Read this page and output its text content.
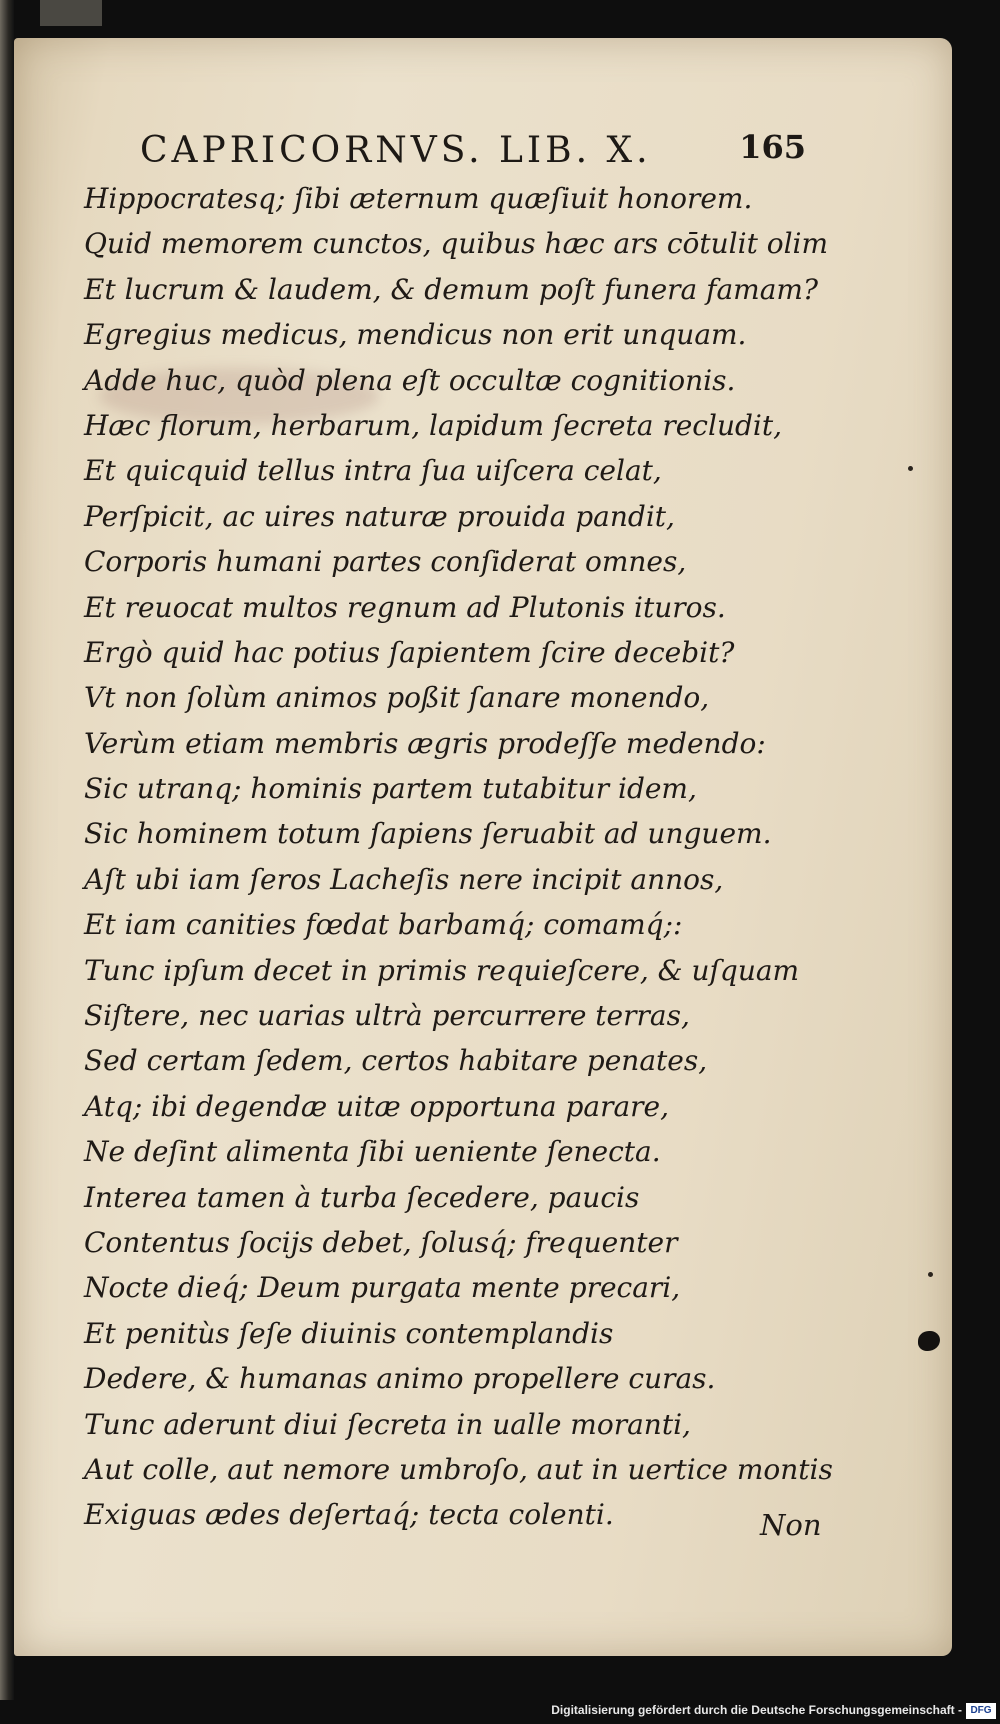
CAPRICORNVS. LIB. X.	165
Hippocratesq; ſibi æternum quæſiuit honorem.
Quid memorem cunctos, quibus hæc ars cōtulit olim
Et lucrum & laudem, & demum poſt funera famam?
Egregius medicus, mendicus non erit unquam.
Adde huc, quòd plena eſt occultæ cognitionis.
Hæc florum, herbarum, lapidum ſecreta recludit,
Et quicquid tellus intra ſua uiſcera celat,
Perſpicit, ac uires naturæ prouida pandit,
Corporis humani partes conſiderat omnes,
Et reuocat multos regnum ad Plutonis ituros.
Ergò quid hac potius ſapientem ſcire decebit?
Vt non ſolùm animos poßit ſanare monendo,
Verùm etiam membris ægris prodeſſe medendo:
Sic utranq; hominis partem tutabitur idem,
Sic hominem totum ſapiens ſeruabit ad unguem.
Aſt ubi iam ſeros Lacheſis nere incipit annos,
Et iam canities fœdat barbamq́; comamq́;:
Tunc ipſum decet in primis requieſcere, & uſquam
Siſtere, nec uarias ultrà percurrere terras,
Sed certam ſedem, certos habitare penates,
Atq; ibi degendæ uitæ opportuna parare,
Ne deſint alimenta ſibi ueniente ſenecta.
Interea tamen à turba ſecedere, paucis
Contentus ſocijs debet, ſolusq́; frequenter
Nocte dieq́; Deum purgata mente precari,
Et penitùs ſeſe diuinis contemplandis
Dedere, & humanas animo propellere curas.
Tunc aderunt diui ſecreta in ualle moranti,
Aut colle, aut nemore umbroſo, aut in uertice montis
Exiguas ædes deſertaq́; tecta colenti.	Non
Digitalisierung gefördert durch die Deutsche Forschungsgemeinschaft - DFG
